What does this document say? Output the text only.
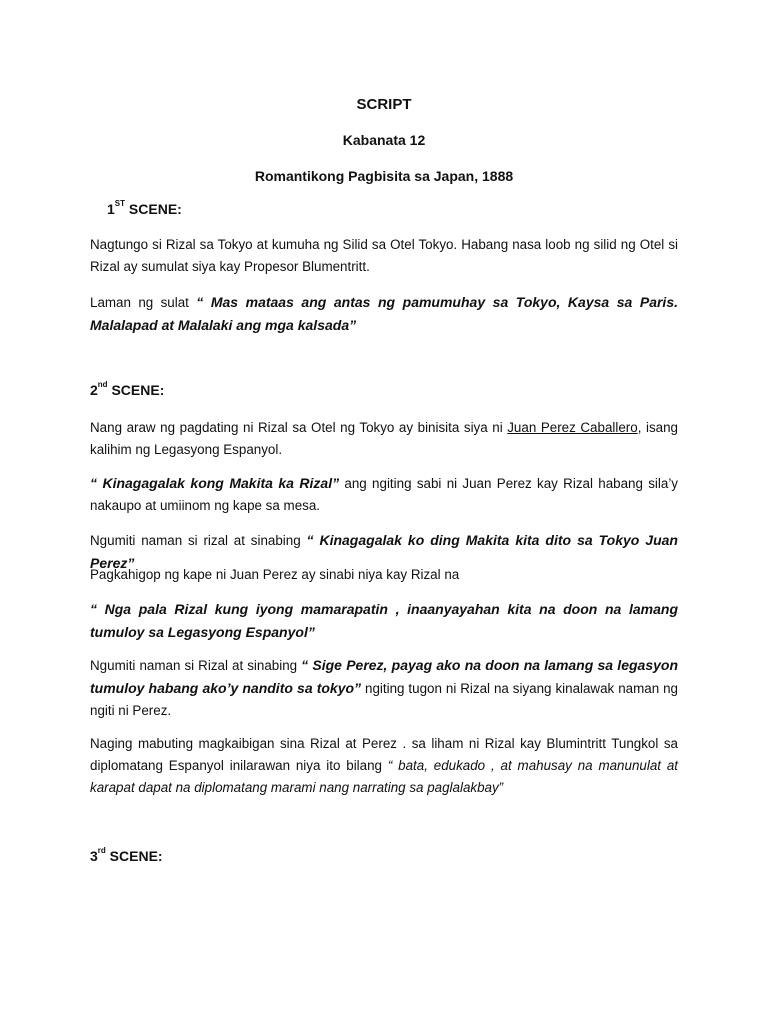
SCRIPT
Kabanata 12
Romantikong Pagbisita sa Japan, 1888
1ST SCENE:

Nagtungo si Rizal sa Tokyo at kumuha ng Silid sa Otel Tokyo. Habang nasa loob ng silid ng Otel si Rizal ay sumulat siya kay Propesor Blumentritt.

Laman ng sulat “ Mas mataas ang antas ng pamumuhay sa Tokyo, Kaysa sa Paris. Malalapad at Malalaki ang mga kalsada”

2nd SCENE:

Nang araw ng pagdating ni Rizal sa Otel ng Tokyo ay binisita siya ni Juan Perez Caballero, isang kalihim ng Legasyong Espanyol.

“ Kinagagalak kong Makita ka Rizal” ang ngiting sabi ni Juan Perez kay Rizal habang sila’y nakaupo at umiinom ng kape sa mesa.

Ngumiti naman si rizal at sinabing “ Kinagagalak ko ding Makita kita dito sa Tokyo Juan Perez”

Pagkahigop ng kape ni Juan Perez ay sinabi niya kay Rizal na

“ Nga pala Rizal kung iyong mamarapatin , inaanyayahan kita na doon na lamang tumuloy sa Legasyong Espanyol”

Ngumiti naman si Rizal at sinabing “ Sige Perez, payag ako na doon na lamang sa legasyon tumuloy habang ako’y nandito sa tokyo” ngiting tugon ni Rizal na siyang kinalawak naman ng ngiti ni Perez.

Naging mabuting magkaibigan sina Rizal at Perez . sa liham ni Rizal kay Blumintritt Tungkol sa diplomatang Espanyol inilarawan niya ito bilang “ bata, edukado , at mahusay na manunulat at karapat dapat na diplomatang marami nang narrating sa paglalakbay”

3rd SCENE:
